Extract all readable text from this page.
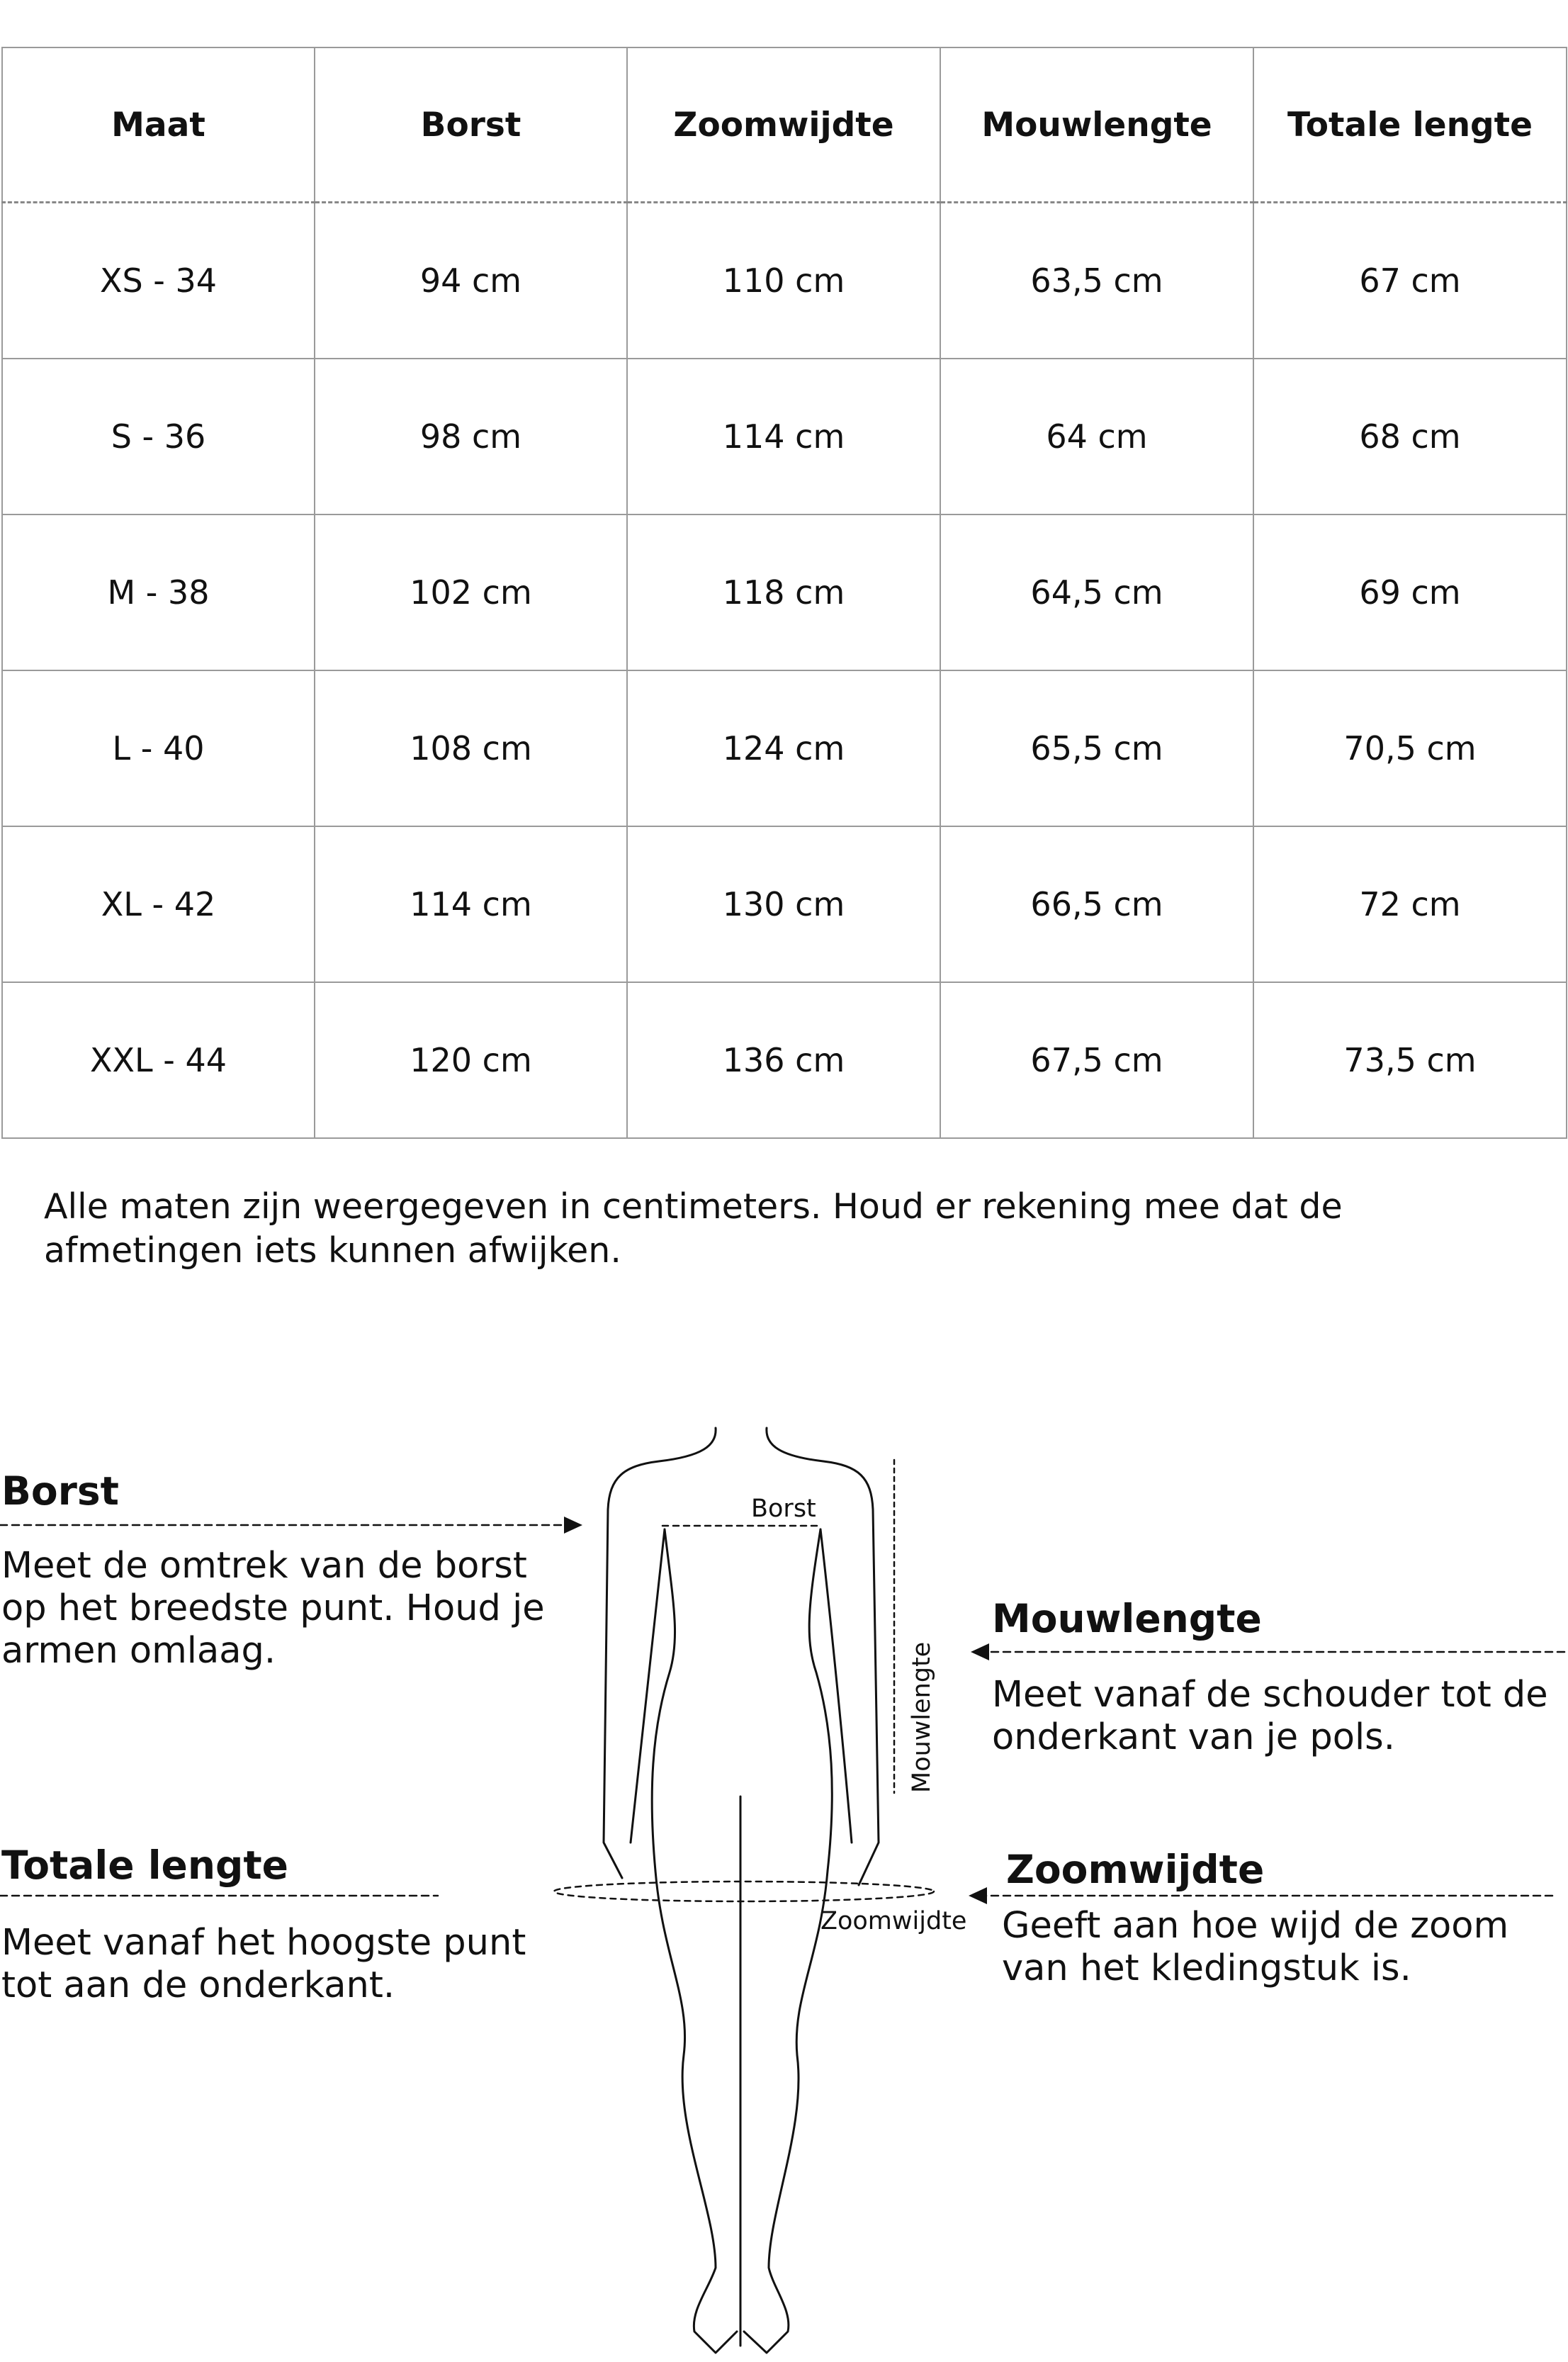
Maat	Borst	Zoomwijdte	Mouwlengte	Totale lengte
XS - 34	94 cm	110 cm	63,5 cm	67 cm
S - 36	98 cm	114 cm	64 cm	68 cm
M - 38	102 cm	118 cm	64,5 cm	69 cm
L - 40	108 cm	124 cm	65,5 cm	70,5 cm
XL - 42	114 cm	130 cm	66,5 cm	72 cm
XXL - 44	120 cm	136 cm	67,5 cm	73,5 cm
Alle maten zijn weergegeven in centimeters. Houd er rekening mee dat de afmetingen iets kunnen afwijken.
Borst
Mouwlengte
Zoomwijdte
Borst
Meet de omtrek van de borst op het breedste punt. Houd je armen omlaag.
Totale lengte
Meet vanaf het hoogste punt tot aan de onderkant.
Mouwlengte
Meet vanaf de schouder tot de onderkant van je pols.
Zoomwijdte
Geeft aan hoe wijd de zoom van het kledingstuk is.
